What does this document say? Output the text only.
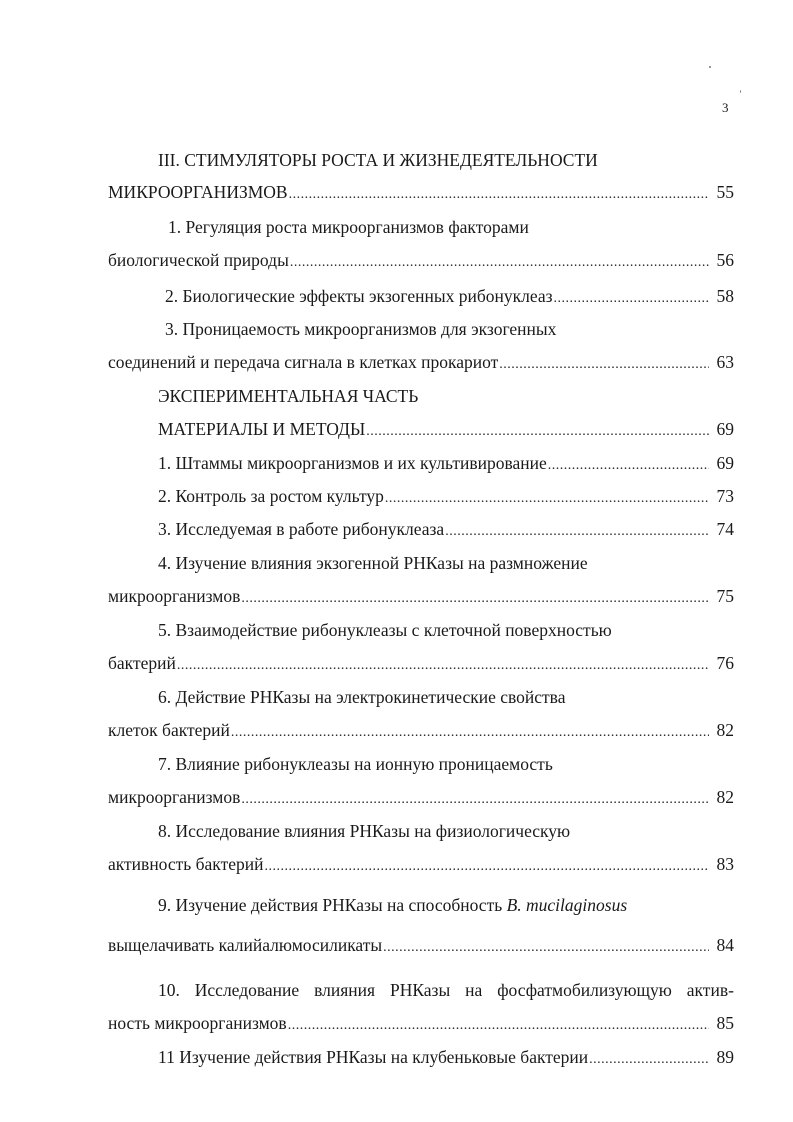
3
III. СТИМУЛЯТОРЫ РОСТА И ЖИЗНЕДЕЯТЕЛЬНОСТИ
МИКРООРГАНИЗМОВ .....	55
1. Регуляция роста микроорганизмов факторами
биологической природы .....	56
2. Биологические эффекты экзогенных рибонуклеаз .....	58
3. Проницаемость микроорганизмов для экзогенных
соединений и передача сигнала в клетках прокариот .....	63
ЭКСПЕРИМЕНТАЛЬНАЯ ЧАСТЬ
МАТЕРИАЛЫ И МЕТОДЫ .....	69
1. Штаммы микроорганизмов и их культивирование .....	69
2. Контроль за ростом культур .....	73
3. Исследуемая в работе рибонуклеаза .....	74
4. Изучение влияния экзогенной РНКазы на размножение
микроорганизмов .....	75
5. Взаимодействие рибонуклеазы с клеточной поверхностью
бактерий .....	76
6. Действие РНКазы на электрокинетические свойства
клеток бактерий .....	82
7. Влияние рибонуклеазы на ионную проницаемость
микроорганизмов .....	82
8. Исследование влияния РНКазы на физиологическую
активность бактерий .....	83
9. Изучение действия РНКазы на способность B. mucilaginosus
выщелачивать калийалюмосиликаты .....	84
10. Исследование влияния РНКазы на фосфатмобилизующую актив-
ность микроорганизмов .....	85
11 Изучение действия РНКазы на клубеньковые бактерии .....	89
